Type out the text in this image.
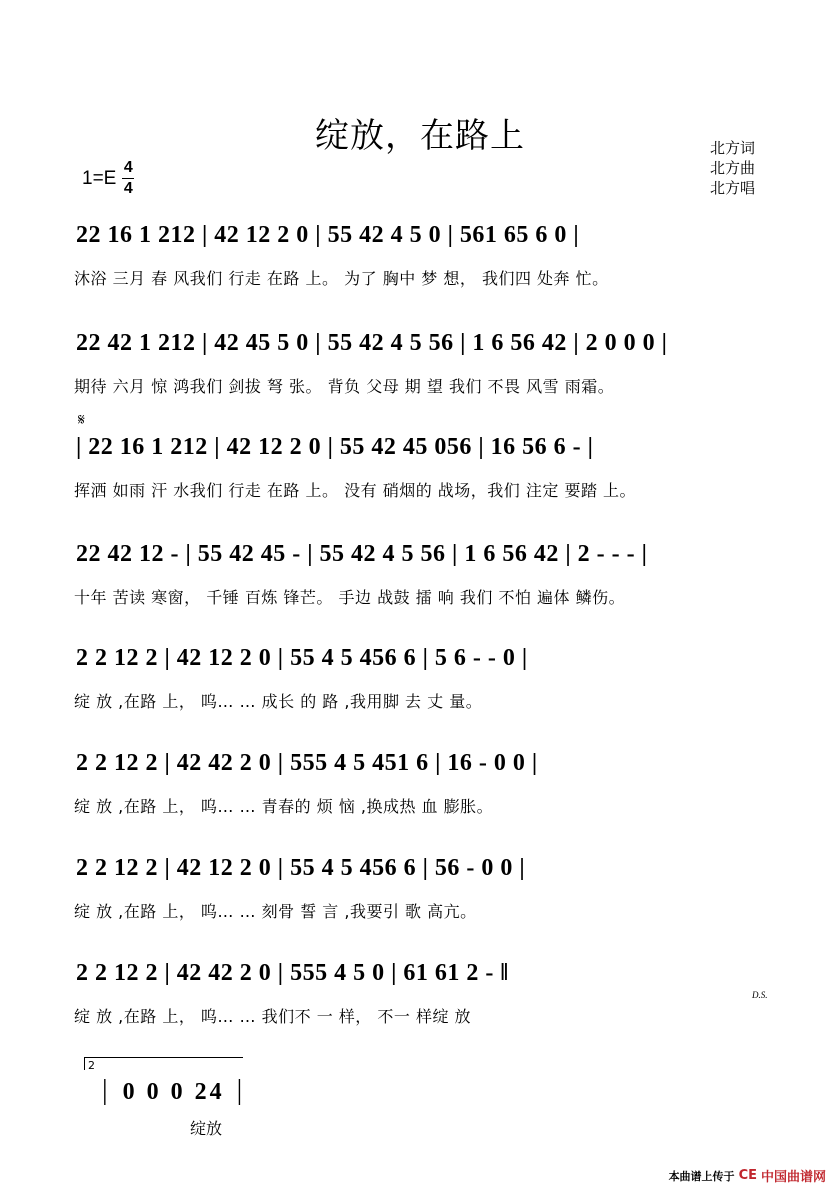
绽放，在路上	北方词
北方曲
北方唱
$1=E \frac{4}{4}$
𝄋
22 16 1 212 | 42 12 2 0 | 55 42 4 5 0 | 561 65 6 0 |
沐浴 三月 春 风我们 行走 在路 上。 为了 胸中 梦 想， 我们四 处奔 忙。
22 42 1 212 | 42 45 5 0 | 55 42 4 5 56 | 1 6 56 42 | 2 0 0 0 |
期待 六月 惊 鸿我们 剑拔 弩 张。 背负 父母 期 望 我们 不畏 风雪 雨霜。
| 22 16 1 212 | 42 12 2 0 | 55 42 45 056 | 16 56 6 - |
挥洒 如雨 汗 水我们 行走 在路 上。 没有 硝烟的 战场，我们 注定 要踏 上。
22 42 12 - | 55 42 45 - | 55 42 4 5 56 | 1 6 56 42 | 2 - - - |
十年 苦读 寒窗， 千锤 百炼 锋芒。 手边 战鼓 擂 响 我们 不怕 遍体 鳞伤。
2 2 12 2 | 42 12 2 0 | 55 4 5 456 6 | 5 6 - - 0 |
绽 放 ,在路 上， 呜… … 成长 的 路 ,我用脚 去 丈 量。
2 2 12 2 | 42 42 2 0 | 555 4 5 451 6 | 16 - 0 0 |
绽 放 ,在路 上， 呜… … 青春的 烦 恼 ,换成热 血 膨胀。
2 2 12 2 | 42 12 2 0 | 55 4 5 456 6 | 56 - 0 0 |
绽 放 ,在路 上， 呜… … 刻骨 誓 言 ,我要引 歌 高亢。
2 2 12 2 | 42 42 2 0 | 555 4 5 0 | 61 61 2 - ‖
绽 放 ,在路 上， 呜… … 我们不 一 样， 不一 样绽 放
D.S.
2
| 0 0 0 24 |
绽放
本曲谱上传于 CE 中国曲谱网
